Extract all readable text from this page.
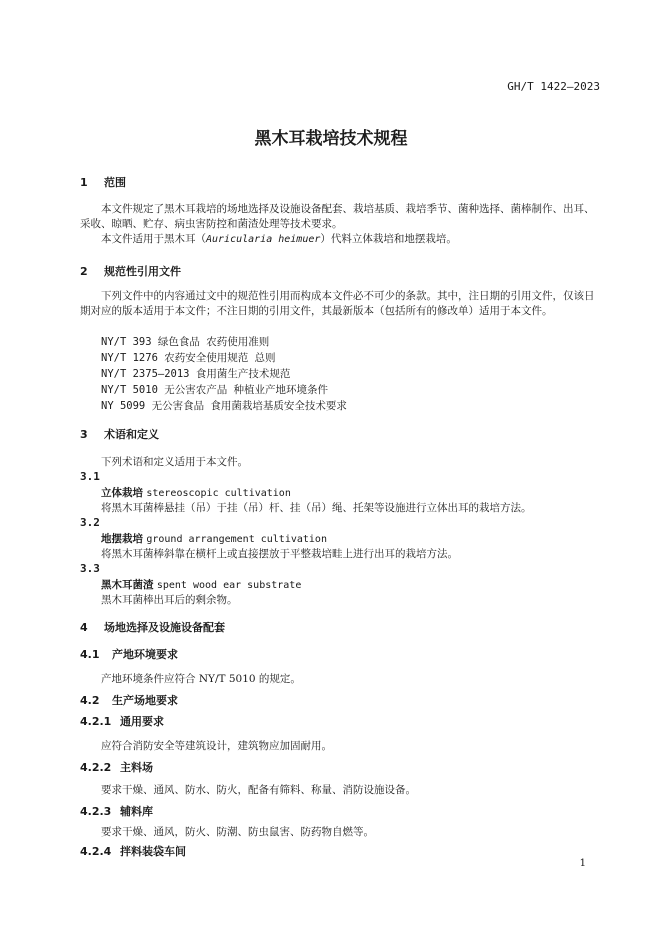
GH/T 1422—2023
黑木耳栽培技术规程
1 范围
本文件规定了黑木耳栽培的场地选择及设施设备配套、栽培基质、栽培季节、菌种选择、菌棒制作、出耳、采收、晾晒、贮存、病虫害防控和菌渣处理等技术要求。
本文件适用于黑木耳（Auricularia heimuer）代料立体栽培和地摆栽培。
2 规范性引用文件
下列文件中的内容通过文中的规范性引用而构成本文件必不可少的条款。其中，注日期的引用文件，仅该日期对应的版本适用于本文件；不注日期的引用文件，其最新版本（包括所有的修改单）适用于本文件。
NY/T 393 绿色食品 农药使用准则
NY/T 1276 农药安全使用规范 总则
NY/T 2375—2013 食用菌生产技术规范
NY/T 5010 无公害农产品 种植业产地环境条件
NY 5099 无公害食品 食用菌栽培基质安全技术要求
3 术语和定义
下列术语和定义适用于本文件。
3.1
立体栽培 stereoscopic cultivation
将黑木耳菌棒悬挂（吊）于挂（吊）杆、挂（吊）绳、托架等设施进行立体出耳的栽培方法。
3.2
地摆栽培 ground arrangement cultivation
将黑木耳菌棒斜靠在横杆上或直接摆放于平整栽培畦上进行出耳的栽培方法。
3.3
黑木耳菌渣 spent wood ear substrate
黑木耳菌棒出耳后的剩余物。
4 场地选择及设施设备配套
4.1 产地环境要求
产地环境条件应符合 NY/T 5010 的规定。
4.2 生产场地要求
4.2.1 通用要求
应符合消防安全等建筑设计，建筑物应加固耐用。
4.2.2 主料场
要求干燥、通风、防水、防火，配备有筛料、称量、消防设施设备。
4.2.3 辅料库
要求干燥、通风，防火、防潮、防虫鼠害、防药物自燃等。
4.2.4 拌料装袋车间
1
